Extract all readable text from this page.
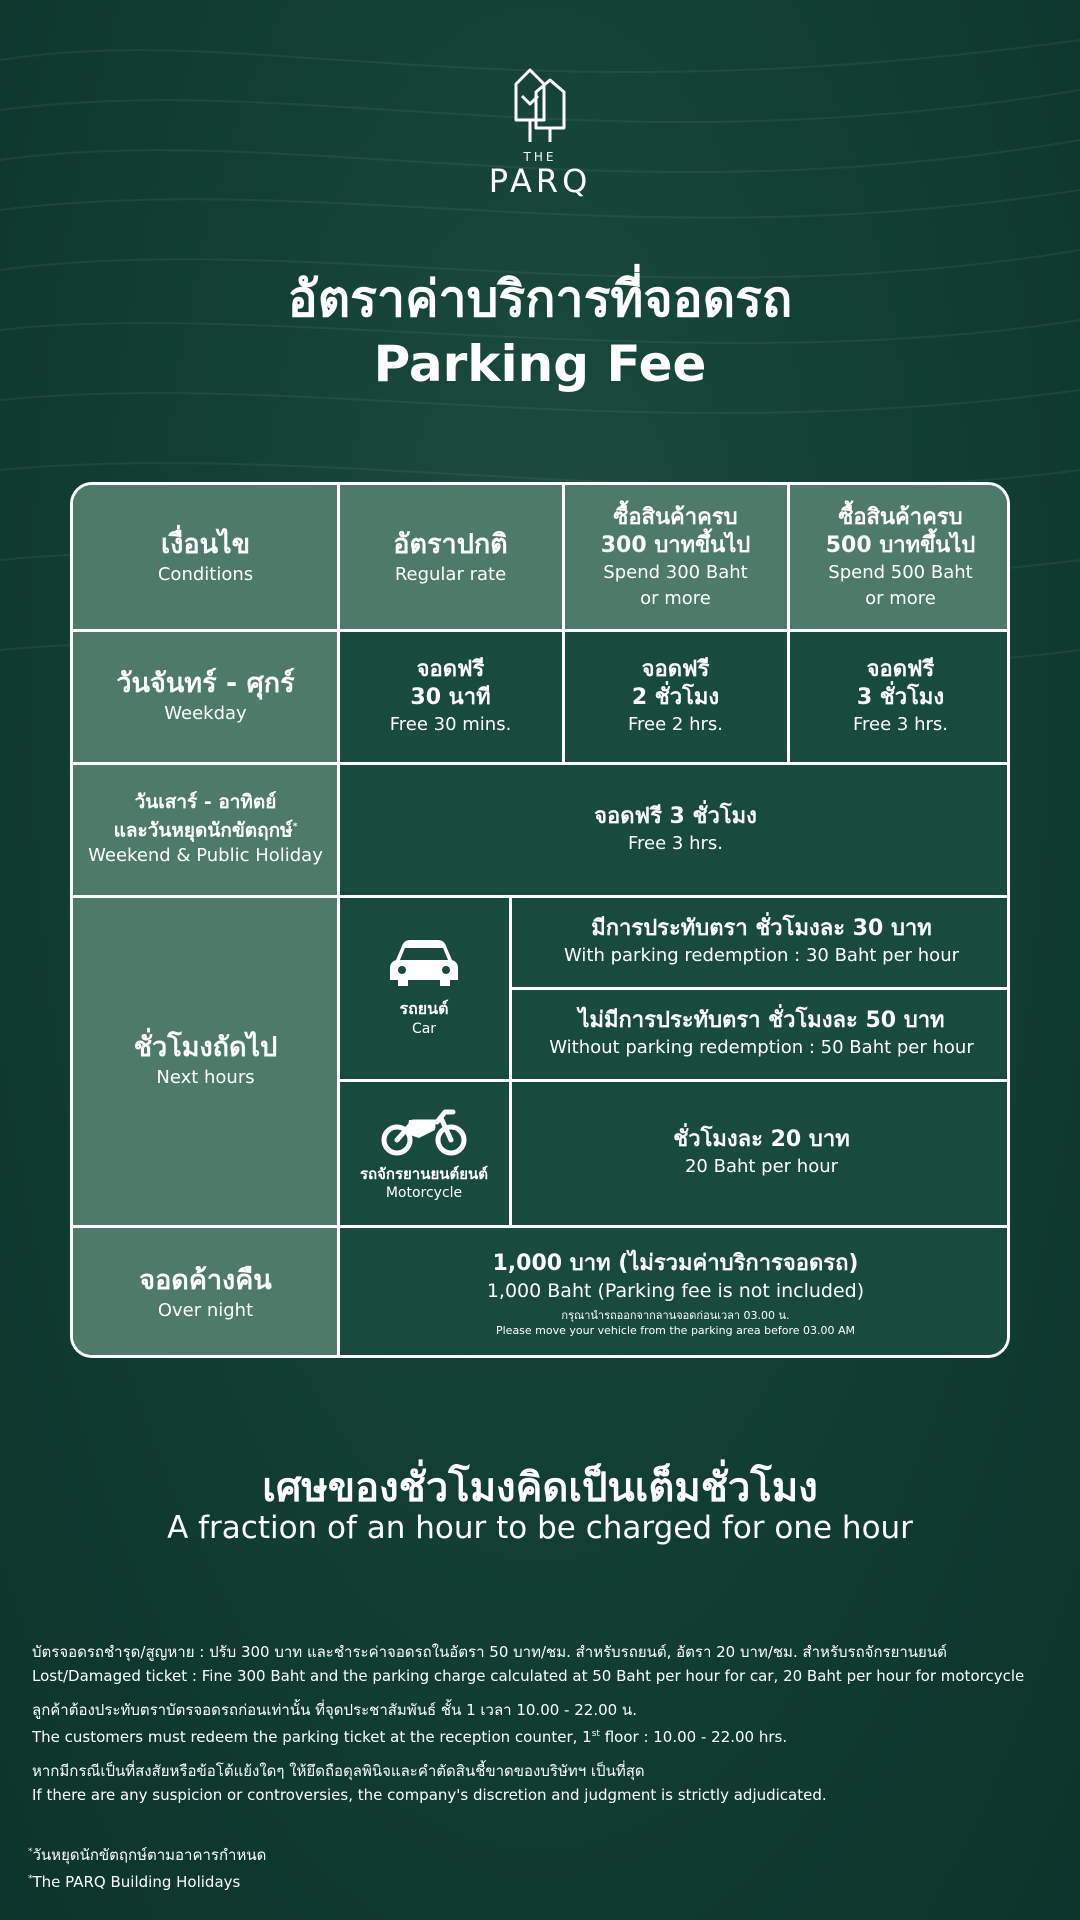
THE
PARQ
อัตราค่าบริการที่จอดรถ
Parking Fee
เงื่อนไข
Conditions
อัตราปกติ
Regular rate
ซื้อสินค้าครบ
300 บาทขึ้นไป
Spend 300 Baht
or more
ซื้อสินค้าครบ
500 บาทขึ้นไป
Spend 500 Baht
or more
วันจันทร์ - ศุกร์
Weekday
จอดฟรี
30 นาที
Free 30 mins.
จอดฟรี
2 ชั่วโมง
Free 2 hrs.
จอดฟรี
3 ชั่วโมง
Free 3 hrs.
วันเสาร์ - อาทิตย์
และวันหยุดนักขัตฤกษ์*
Weekend & Public Holiday
จอดฟรี 3 ชั่วโมง
Free 3 hrs.
ชั่วโมงถัดไป
Next hours
รถยนต์
Car
มีการประทับตรา ชั่วโมงละ 30 บาท
With parking redemption : 30 Baht per hour
ไม่มีการประทับตรา ชั่วโมงละ 50 บาท
Without parking redemption : 50 Baht per hour
รถจักรยานยนต์ยนต์
Motorcycle
ชั่วโมงละ 20 บาท
20 Baht per hour
จอดค้างคืน
Over night
1,000 บาท (ไม่รวมค่าบริการจอดรถ)
1,000 Baht (Parking fee is not included)
กรุณานำรถออกจากลานจอดก่อนเวลา 03.00 น.
Please move your vehicle from the parking area before 03.00 AM
เศษของชั่วโมงคิดเป็นเต็มชั่วโมง
A fraction of an hour to be charged for one hour

บัตรจอดรถชำรุด/สูญหาย : ปรับ 300 บาท และชำระค่าจอดรถในอัตรา 50 บาท/ชม. สำหรับรถยนต์, อัตรา 20 บาท/ชม. สำหรับรถจักรยานยนต์
Lost/Damaged ticket : Fine 300 Baht and the parking charge calculated at 50 Baht per hour for car, 20 Baht per hour for motorcycle

ลูกค้าต้องประทับตราบัตรจอดรถก่อนเท่านั้น ที่จุดประชาสัมพันธ์ ชั้น 1 เวลา 10.00 - 22.00 น.
The customers must redeem the parking ticket at the reception counter, 1st floor : 10.00 - 22.00 hrs.

หากมีกรณีเป็นที่สงสัยหรือข้อโต้แย้งใดๆ ให้ยึดถือดุลพินิจและคำตัดสินชี้ขาดของบริษัทฯ เป็นที่สุด
If there are any suspicion or controversies, the company's discretion and judgment is strictly adjudicated.

*วันหยุดนักขัตฤกษ์ตามอาคารกำหนด
*The PARQ Building Holidays
